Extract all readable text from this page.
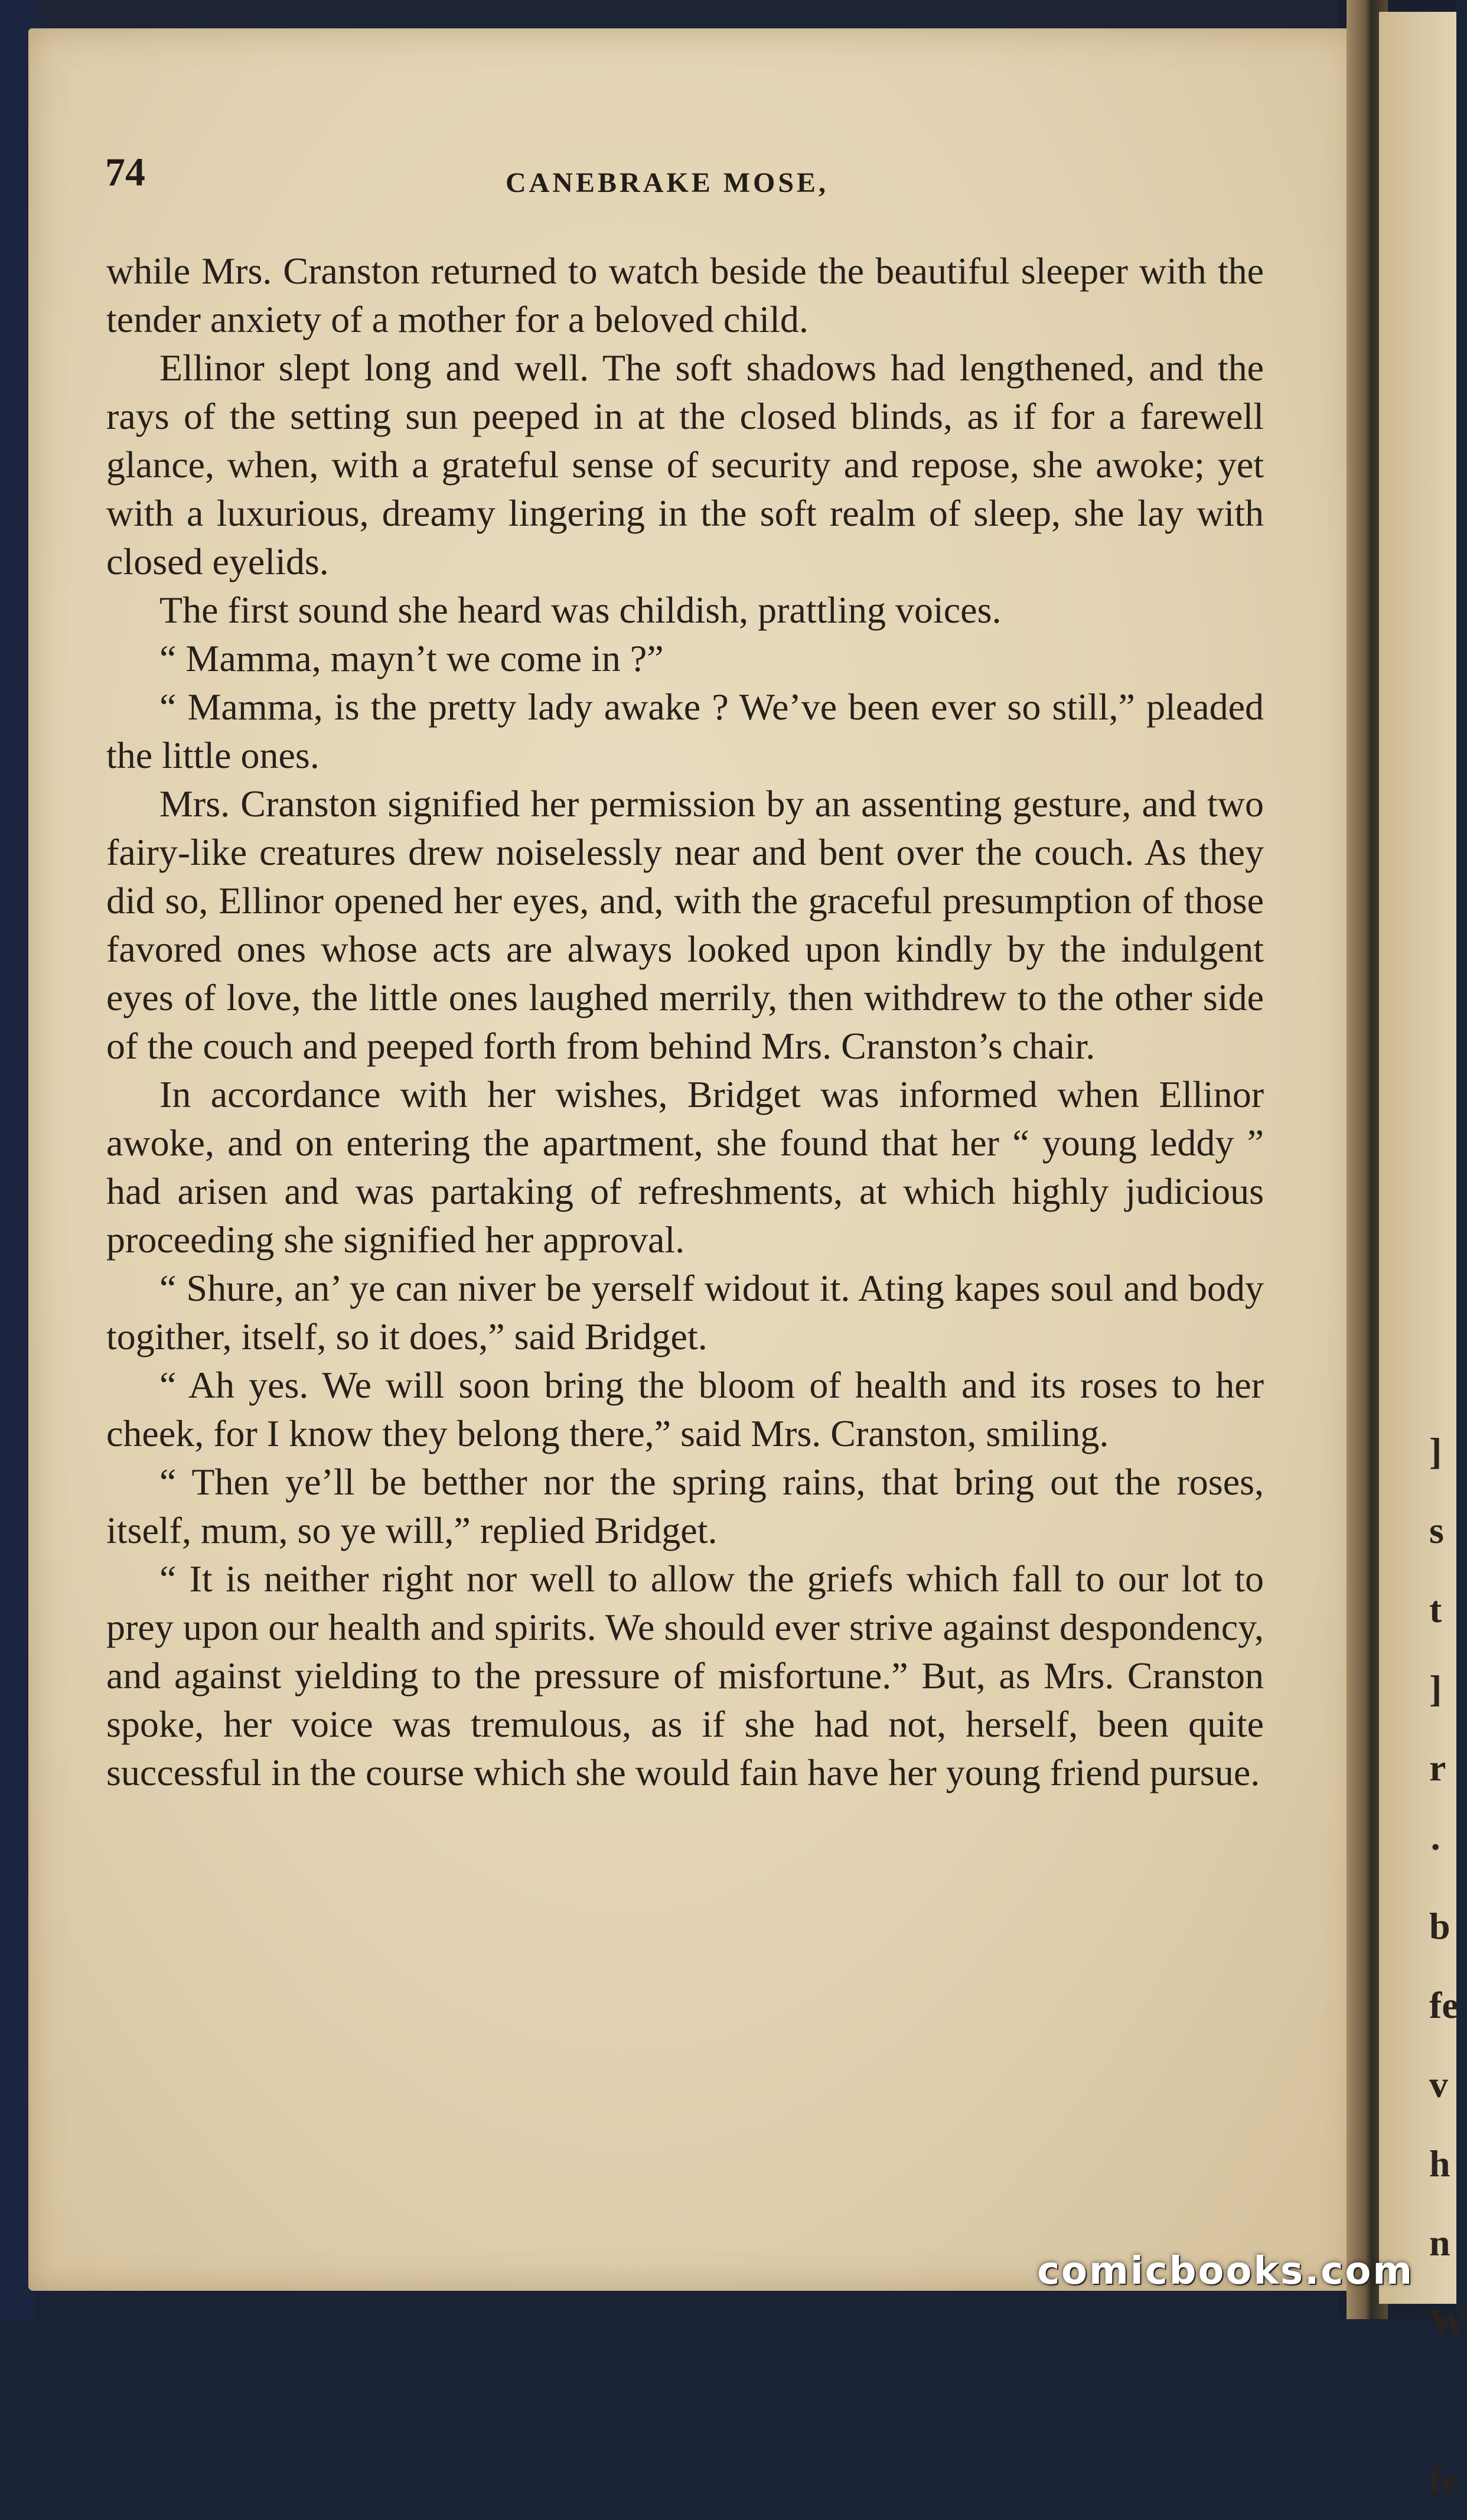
]
s
t
]
r
·
b
fe
v
h
n
W
fe
74	CANEBRAKE MOSE,

while Mrs. Cranston returned to watch beside the beautiful sleeper with the tender anxiety of a mother for a beloved child.

Ellinor slept long and well. The soft shadows had lengthened, and the rays of the setting sun peeped in at the closed blinds, as if for a farewell glance, when, with a grateful sense of security and repose, she awoke; yet with a luxurious, dreamy lingering in the soft realm of sleep, she lay with closed eyelids.

The first sound she heard was childish, prattling voices.

“ Mamma, mayn’t we come in ?”

“ Mamma, is the pretty lady awake ? We’ve been ever so still,” pleaded the little ones.

Mrs. Cranston signified her permission by an assenting gesture, and two fairy-like creatures drew noiselessly near and bent over the couch. As they did so, Ellinor opened her eyes, and, with the graceful presumption of those favored ones whose acts are always looked upon kindly by the indulgent eyes of love, the little ones laughed merrily, then withdrew to the other side of the couch and peeped forth from behind Mrs. Cranston’s chair.

In accordance with her wishes, Bridget was informed when Ellinor awoke, and on entering the apartment, she found that her “ young leddy ” had arisen and was partaking of refreshments, at which highly judicious proceeding she signified her approval.

“ Shure, an’ ye can niver be yerself widout it. Ating kapes soul and body togither, itself, so it does,” said Bridget.

“ Ah yes. We will soon bring the bloom of health and its roses to her cheek, for I know they belong there,” said Mrs. Cranston, smiling.

“ Then ye’ll be betther nor the spring rains, that bring out the roses, itself, mum, so ye will,” replied Bridget.

“ It is neither right nor well to allow the griefs which fall to our lot to prey upon our health and spirits. We should ever strive against despondency, and against yielding to the pressure of misfortune.” But, as Mrs. Cranston spoke, her voice was tremulous, as if she had not, herself, been quite successful in the course which she would fain have her young friend pursue.

comicbooks.com
